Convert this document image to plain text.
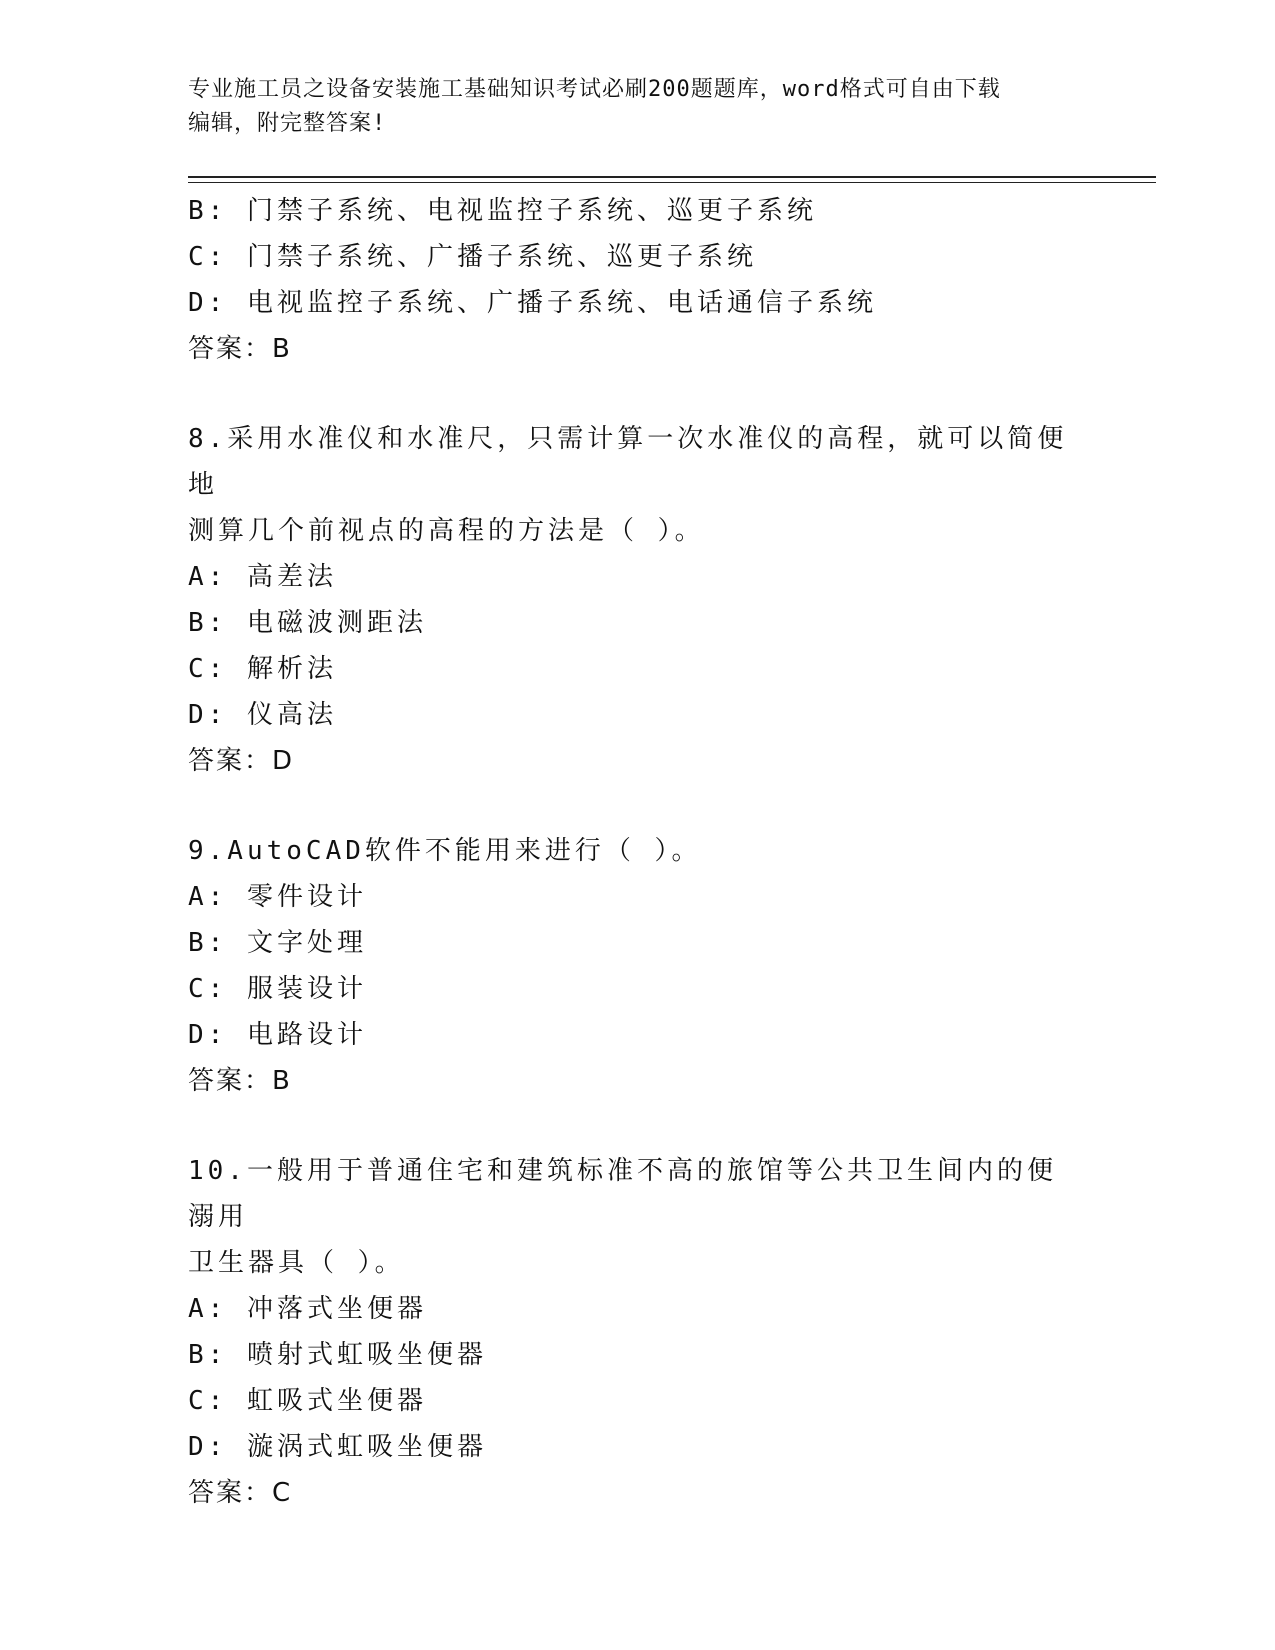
专业施工员之设备安装施工基础知识考试必刷200题题库，word格式可自由下载
编辑，附完整答案!
B: 门禁子系统、电视监控子系统、巡更子系统
C: 门禁子系统、广播子系统、巡更子系统
D: 电视监控子系统、广播子系统、电话通信子系统
答案：B
8.采用水准仪和水准尺，只需计算一次水准仪的高程，就可以简便地
测算几个前视点的高程的方法是（ ）。
A: 高差法
B: 电磁波测距法
C: 解析法
D: 仪高法
答案：D
9.AutoCAD软件不能用来进行（ ）。
A: 零件设计
B: 文字处理
C: 服装设计
D: 电路设计
答案：B
10.一般用于普通住宅和建筑标准不高的旅馆等公共卫生间内的便溺用
卫生器具（ ）。
A: 冲落式坐便器
B: 喷射式虹吸坐便器
C: 虹吸式坐便器
D: 漩涡式虹吸坐便器
答案：C
